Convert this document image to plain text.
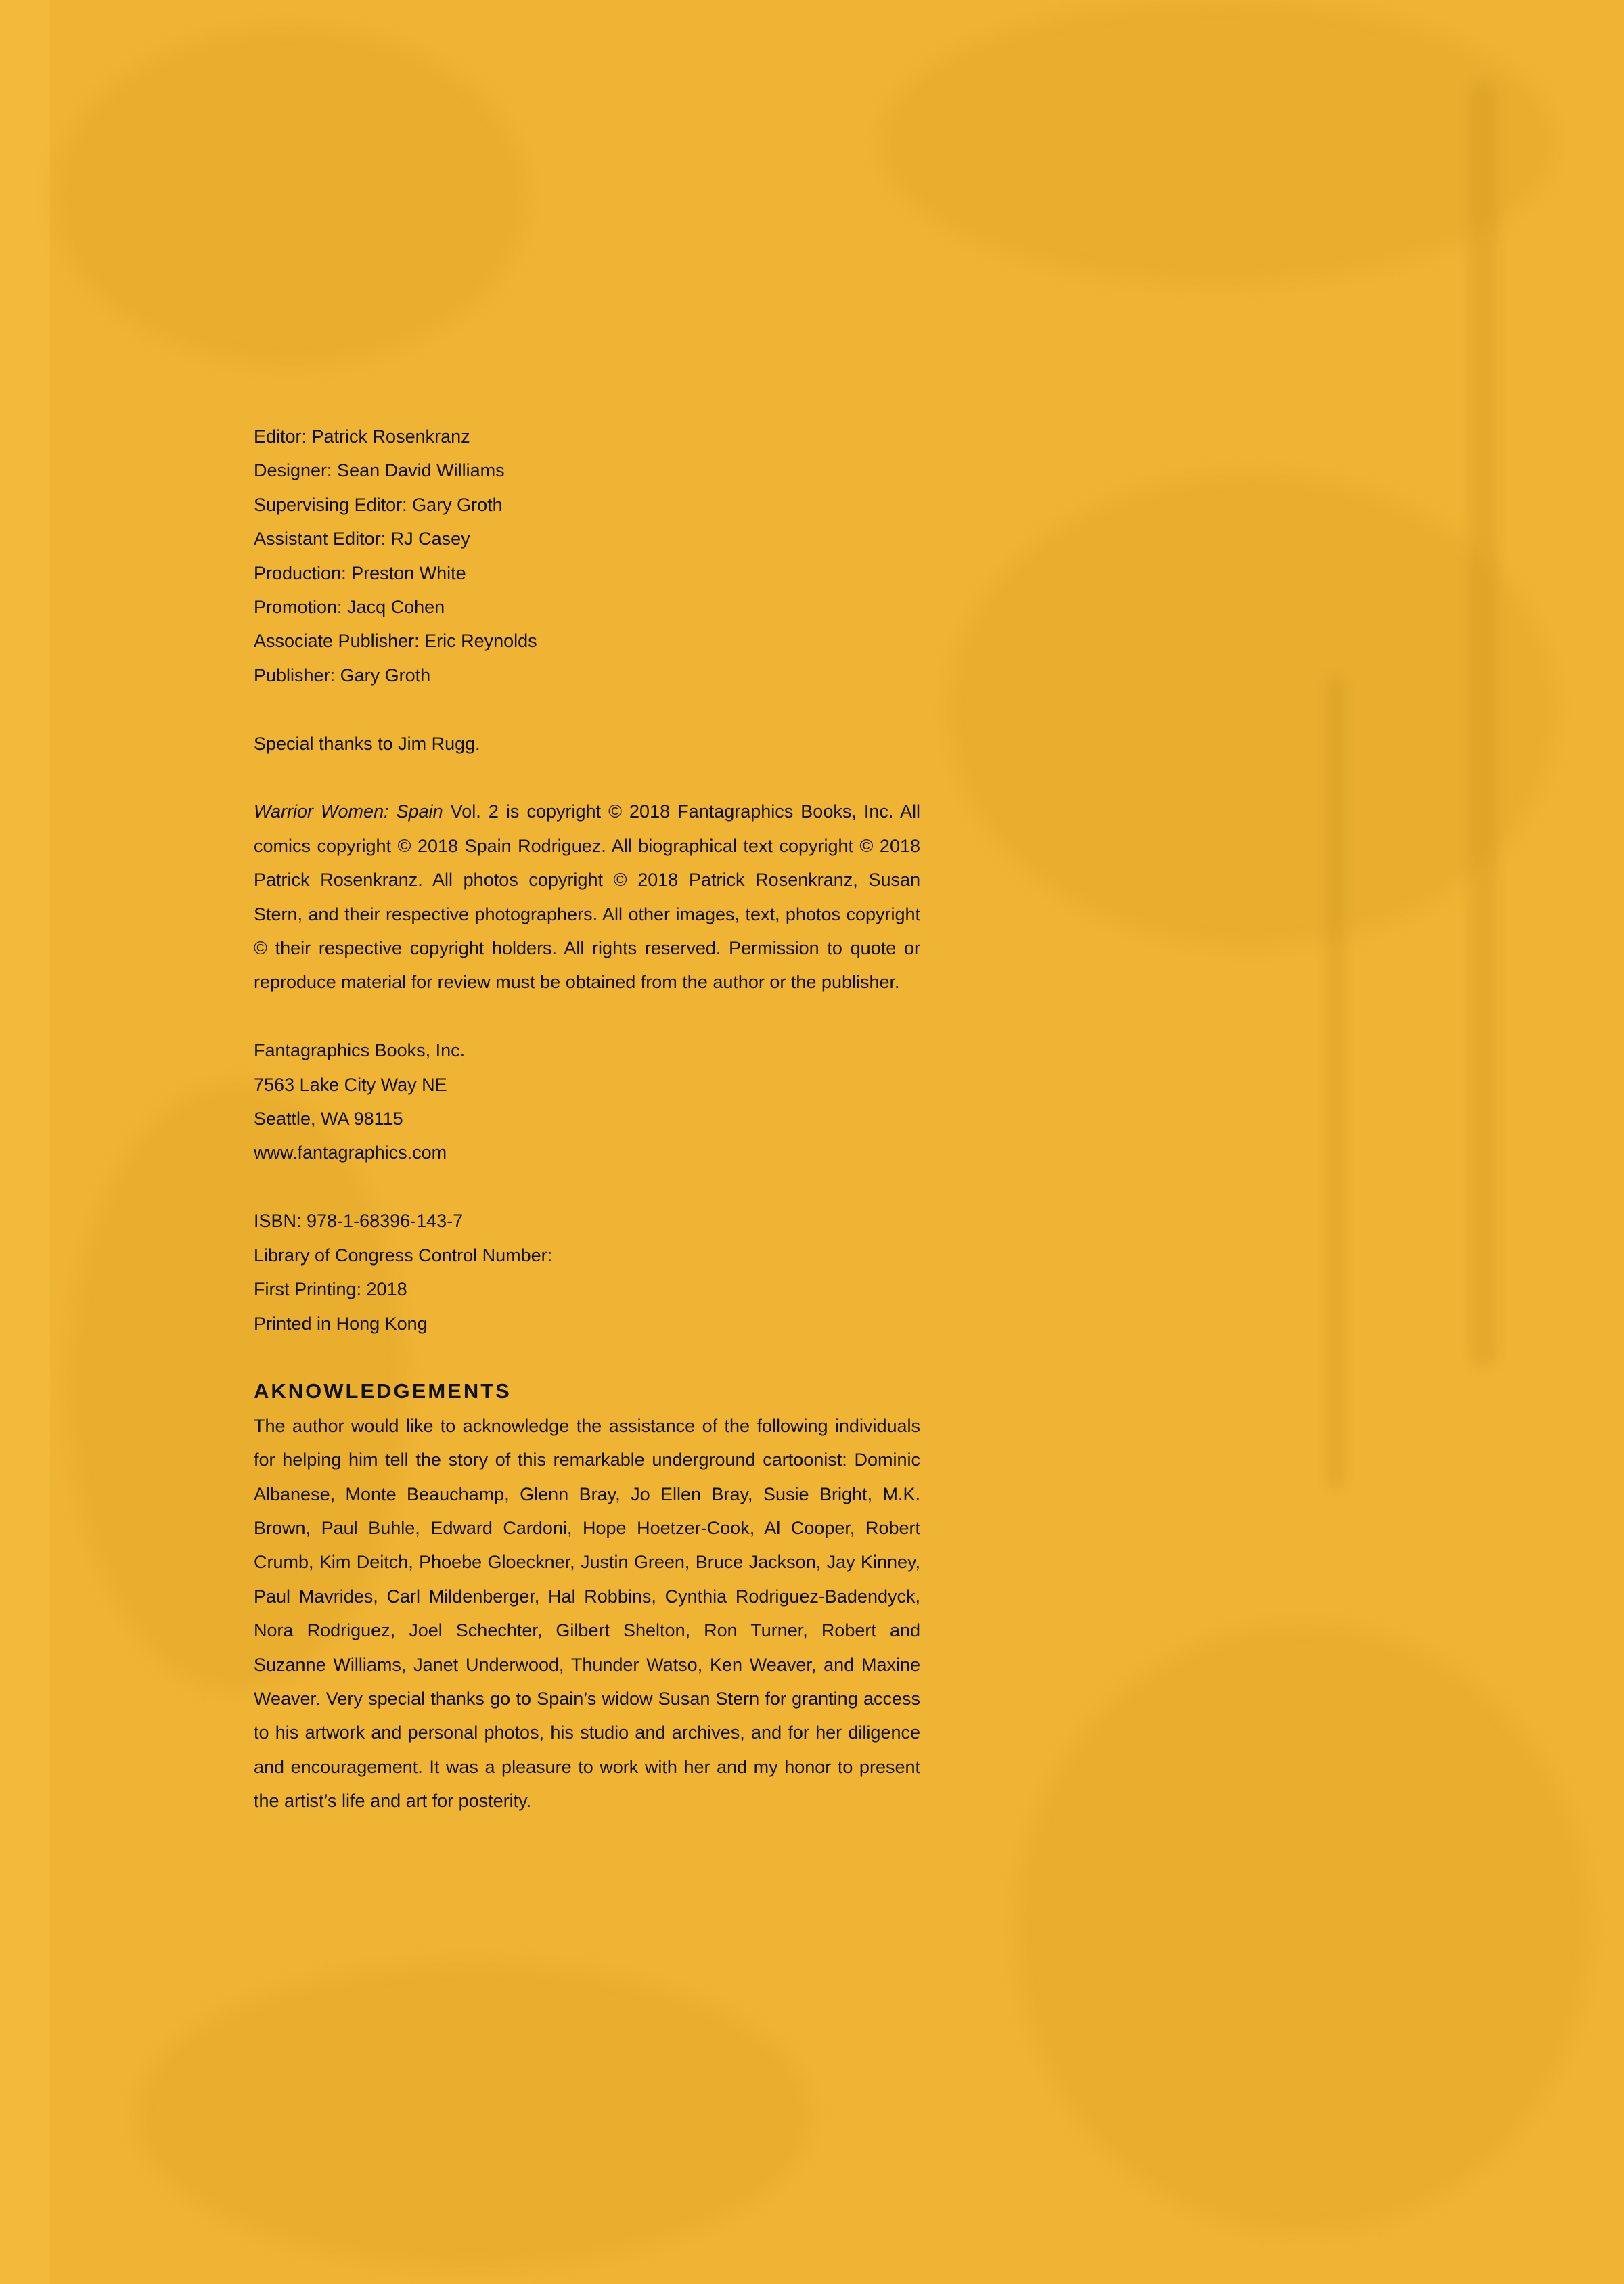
Editor: Patrick Rosenkranz

Designer: Sean David Williams

Supervising Editor: Gary Groth

Assistant Editor: RJ Casey

Production: Preston White

Promotion: Jacq Cohen

Associate Publisher: Eric Reynolds

Publisher: Gary Groth

Special thanks to Jim Rugg.

Warrior Women: Spain Vol. 2 is copyright © 2018 Fantagraphics Books, Inc. All comics copyright © 2018 Spain Rodriguez. All biographical text copyright © 2018 Patrick Rosenkranz. All photos copyright © 2018 Patrick Rosenkranz, Susan Stern, and their respective photographers. All other images, text, photos copyright © their respective copyright holders. All rights reserved. Permission to quote or reproduce material for review must be obtained from the author or the publisher.

Fantagraphics Books, Inc.

7563 Lake City Way NE

Seattle, WA 98115

www.fantagraphics.com

ISBN: 978-1-68396-143-7

Library of Congress Control Number:

First Printing: 2018

Printed in Hong Kong

AKNOWLEDGEMENTS

The author would like to acknowledge the assistance of the following individuals for helping him tell the story of this remarkable underground cartoonist: Dominic Albanese, Monte Beauchamp, Glenn Bray, Jo Ellen Bray, Susie Bright, M.K. Brown, Paul Buhle, Edward Cardoni, Hope Hoetzer-Cook, Al Cooper, Robert Crumb, Kim Deitch, Phoebe Gloeckner, Justin Green, Bruce Jackson, Jay Kinney, Paul Mavrides, Carl Mildenberger, Hal Robbins, Cynthia Rodriguez-Badendyck, Nora Rodriguez, Joel Schechter, Gilbert Shelton, Ron Turner, Robert and Suzanne Williams, Janet Underwood, Thunder Watso, Ken Weaver, and Maxine Weaver. Very special thanks go to Spain’s widow Susan Stern for granting access to his artwork and personal photos, his studio and archives, and for her diligence and encouragement. It was a pleasure to work with her and my honor to present the artist’s life and art for posterity.
